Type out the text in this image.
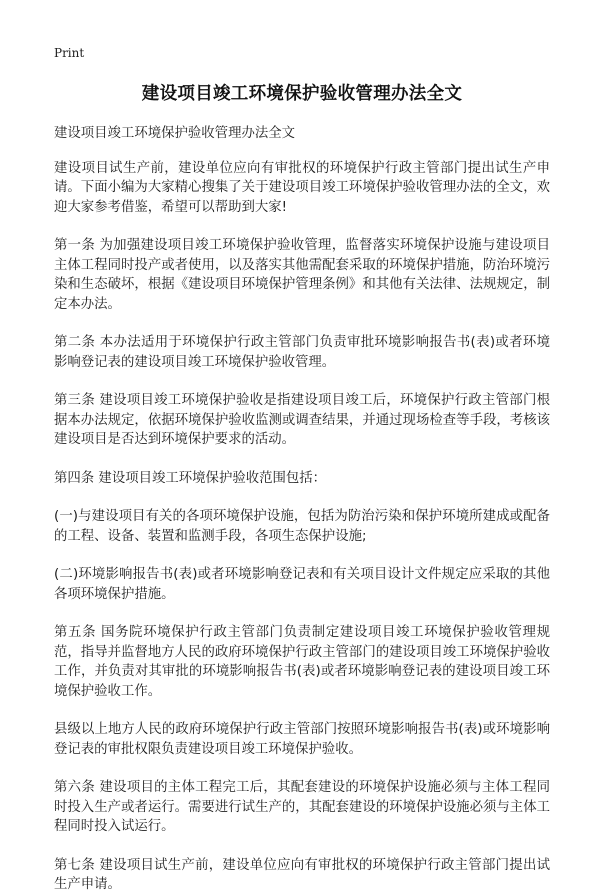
Print
建设项目竣工环境保护验收管理办法全文

建设项目竣工环境保护验收管理办法全文

建设项目试生产前，建设单位应向有审批权的环境保护行政主管部门提出试生产申请。下面小编为大家精心搜集了关于建设项目竣工环境保护验收管理办法的全文，欢迎大家参考借鉴，希望可以帮助到大家!

第一条 为加强建设项目竣工环境保护验收管理，监督落实环境保护设施与建设项目主体工程同时投产或者使用，以及落实其他需配套采取的环境保护措施，防治环境污染和生态破坏，根据《建设项目环境保护管理条例》和其他有关法律、法规规定，制定本办法。

第二条 本办法适用于环境保护行政主管部门负责审批环境影响报告书(表)或者环境影响登记表的建设项目竣工环境保护验收管理。

第三条 建设项目竣工环境保护验收是指建设项目竣工后，环境保护行政主管部门根据本办法规定，依据环境保护验收监测或调查结果，并通过现场检查等手段，考核该建设项目是否达到环境保护要求的活动。

第四条 建设项目竣工环境保护验收范围包括：

(一)与建设项目有关的各项环境保护设施，包括为防治污染和保护环境所建成或配备的工程、设备、装置和监测手段，各项生态保护设施;

(二)环境影响报告书(表)或者环境影响登记表和有关项目设计文件规定应采取的其他各项环境保护措施。

第五条 国务院环境保护行政主管部门负责制定建设项目竣工环境保护验收管理规范，指导并监督地方人民的政府环境保护行政主管部门的建设项目竣工环境保护验收工作，并负责对其审批的环境影响报告书(表)或者环境影响登记表的建设项目竣工环境保护验收工作。

县级以上地方人民的政府环境保护行政主管部门按照环境影响报告书(表)或环境影响登记表的审批权限负责建设项目竣工环境保护验收。

第六条 建设项目的主体工程完工后，其配套建设的环境保护设施必须与主体工程同时投入生产或者运行。需要进行试生产的，其配套建设的环境保护设施必须与主体工程同时投入试运行。

第七条 建设项目试生产前，建设单位应向有审批权的环境保护行政主管部门提出试生产申请。
